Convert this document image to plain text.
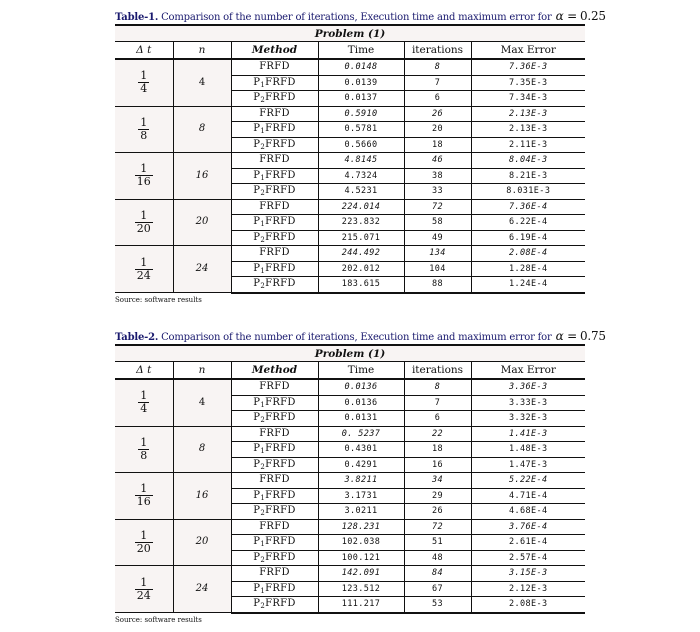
Table-1. Comparison of the number of iterations, Execution time and maximum error for α = 0.25
Problem (1)					
Δ t	n	Method	Time	iterations	Max Error

$\frac{1}{4}$	4	FRFD	0.0148	8	7.36E-3
		$P_1FRFD$	0.0139	7	7.35E-3
		$P_2FRFD$	0.0137	6	7.34E-3

$\frac{1}{8}$	8	FRFD	0.5910	26	2.13E-3
		$P_1FRFD$	0.5781	20	2.13E-3
		$P_2FRFD$	0.5660	18	2.11E-3

$\frac{1}{16}$	16	FRFD	4.8145	46	8.04E-3
		$P_1FRFD$	4.7324	38	8.21E-3
		$P_2FRFD$	4.5231	33	8.031E-3

$\frac{1}{20}$	20	FRFD	224.014	72	7.36E-4
		$P_1FRFD$	223.832	58	6.22E-4
		$P_2FRFD$	215.071	49	6.19E-4

$\frac{1}{24}$	24	FRFD	244.492	134	2.08E-4
		$P_1FRFD$	202.012	104	1.28E-4
		$P_2FRFD$	183.615	88	1.24E-4
Source: software results
Table-2. Comparison of the number of iterations, Execution time and maximum error for α = 0.75
Problem (1)					
Δ t	n	Method	Time	iterations	Max Error

$\frac{1}{4}$	4	FRFD	0.0136	8	3.36E-3
		$P_1FRFD$	0.0136	7	3.33E-3
		$P_2FRFD$	0.0131	6	3.32E-3

$\frac{1}{8}$	8	FRFD	0. 5237	22	1.41E-3
		$P_1FRFD$	0.4301	18	1.48E-3
		$P_2FRFD$	0.4291	16	1.47E-3

$\frac{1}{16}$	16	FRFD	3.8211	34	5.22E-4
		$P_1FRFD$	3.1731	29	4.71E-4
		$P_2FRFD$	3.0211	26	4.68E-4

$\frac{1}{20}$	20	FRFD	128.231	72	3.76E-4
		$P_1FRFD$	102.038	51	2.61E-4
		$P_2FRFD$	100.121	48	2.57E-4

$\frac{1}{24}$	24	FRFD	142.091	84	3.15E-3
		$P_1FRFD$	123.512	67	2.12E-3
		$P_2FRFD$	111.217	53	2.08E-3
Source: software results
